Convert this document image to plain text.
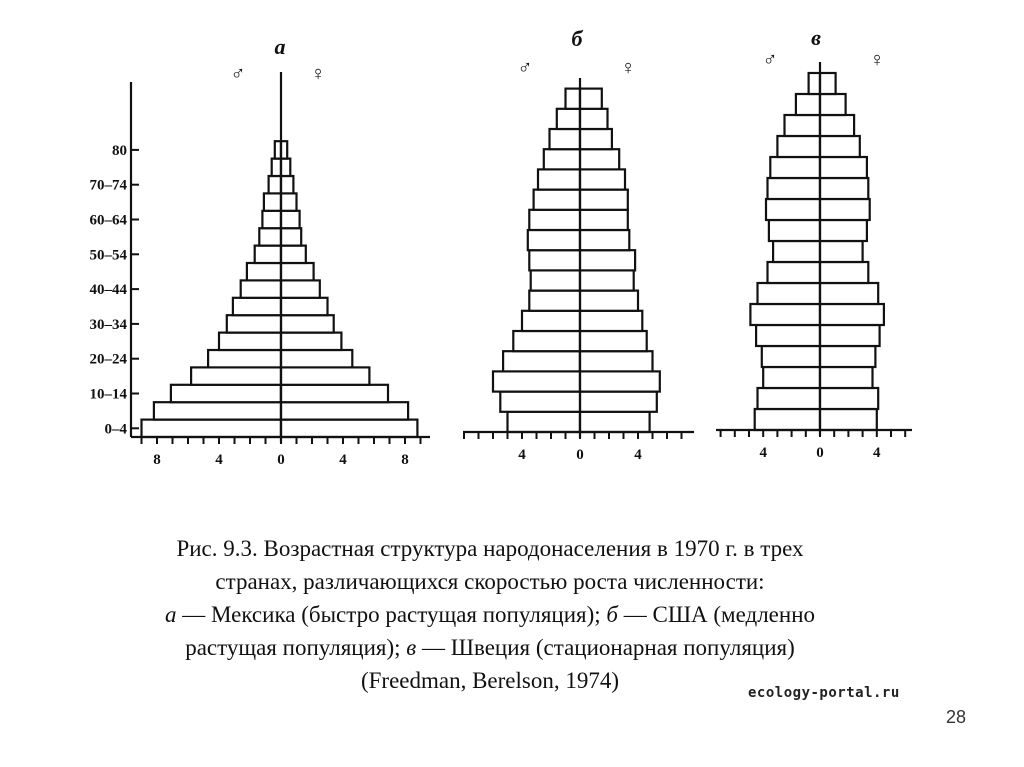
8	4	0	4	8
а
♂	♀
0–4
10–14
20–24
30–34
40–44
50–54
60–64
70–74
80
4	0	4
б
♂	♀
4	0	4
в
♂	♀
Рис. 9.3. Возрастная структура народонаселения в 1970 г. в трех
странах, различающихся скоростью роста численности:
а — Мексика (быстро растущая популяция); б — США (медленно
растущая популяция); в — Швеция (стационарная популяция)
(Freedman, Berelson, 1974)	ecology-portal.ru
28
